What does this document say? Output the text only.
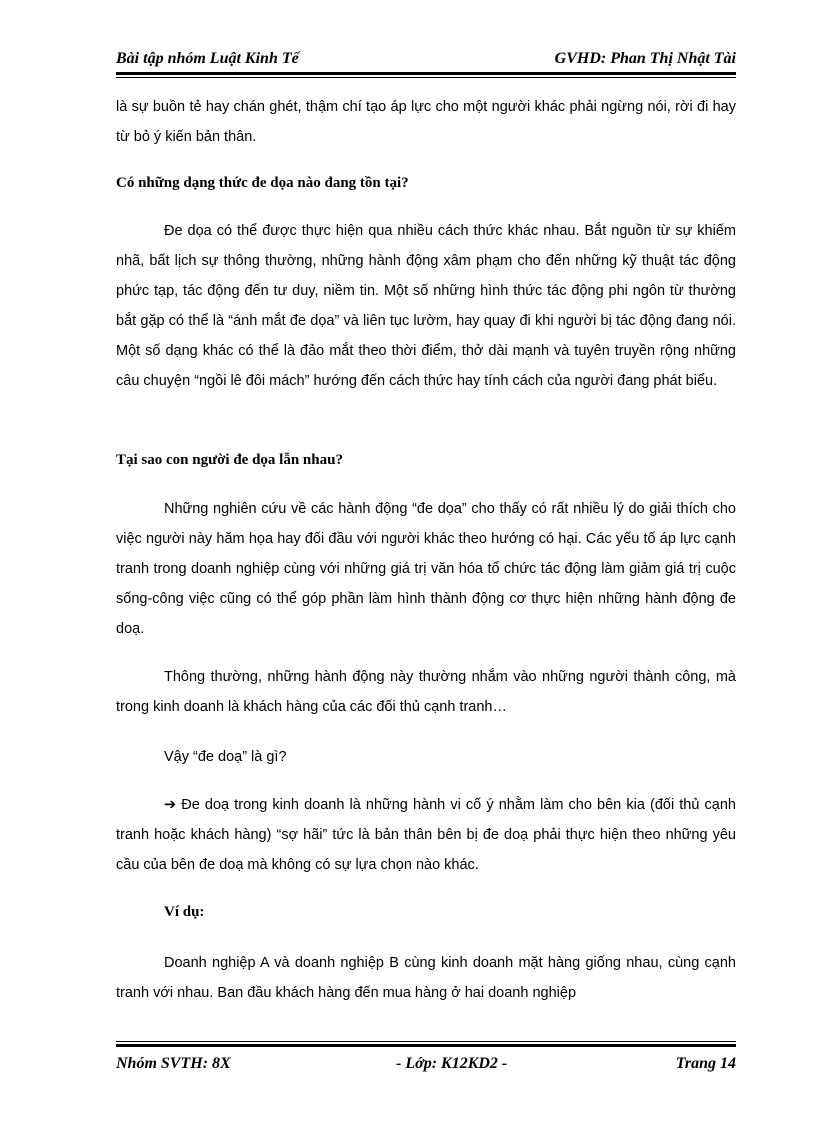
Bài tập nhóm Luật Kinh Tế	GVHD: Phan Thị Nhật Tài

là sự buồn tẻ hay chán ghét, thậm chí tạo áp lực cho một người khác phải ngừng nói, rời đi hay từ bỏ ý kiến bản thân.

Có những dạng thức đe dọa nào đang tồn tại?

Đe dọa có thể được thực hiện qua nhiều cách thức khác nhau. Bắt nguồn từ sự khiếm nhã, bất lịch sự thông thường, những hành động xâm phạm cho đến những kỹ thuật tác động phức tạp, tác động đến tư duy, niềm tin. Một số những hình thức tác động phi ngôn từ thường bắt gặp có thể là “ánh mắt đe dọa” và liên tục lườm, hay quay đi khi người bị tác động đang nói. Một số dạng khác có thể là đảo mắt theo thời điểm, thở dài mạnh và tuyên truyền rộng những câu chuyện “ngồi lê đôi mách” hướng đến cách thức hay tính cách của người đang phát biểu.

Tại sao con người đe dọa lẫn nhau?

Những nghiên cứu về các hành động “đe dọa” cho thấy có rất nhiều lý do giải thích cho việc người này hăm họa hay đối đầu với người khác theo hướng có hại. Các yếu tố áp lực cạnh tranh trong doanh nghiệp cùng với những giá trị văn hóa tổ chức tác động làm giảm giá trị cuộc sống-công việc cũng có thể góp phần làm hình thành động cơ thực hiện những hành động đe doạ.

Thông thường, những hành động này thường nhắm vào những người thành công, mà trong kinh doanh là khách hàng của các đối thủ cạnh tranh…

Vậy “đe doạ” là gì?

➔ Đe doạ trong kinh doanh là những hành vi cố ý nhằm làm cho bên kia (đối thủ cạnh tranh hoặc khách hàng) “sợ hãi” tức là bản thân bên bị đe doạ phải thực hiện theo những yêu cầu của bên đe doạ mà không có sự lựa chọn nào khác.

Ví dụ:

Doanh nghiệp A và doanh nghiệp B cùng kinh doanh mặt hàng giống nhau, cùng cạnh tranh với nhau. Ban đầu khách hàng đến mua hàng ở hai doanh nghiệp

Nhóm SVTH: 8X	- Lớp: K12KD2 -	Trang 14
